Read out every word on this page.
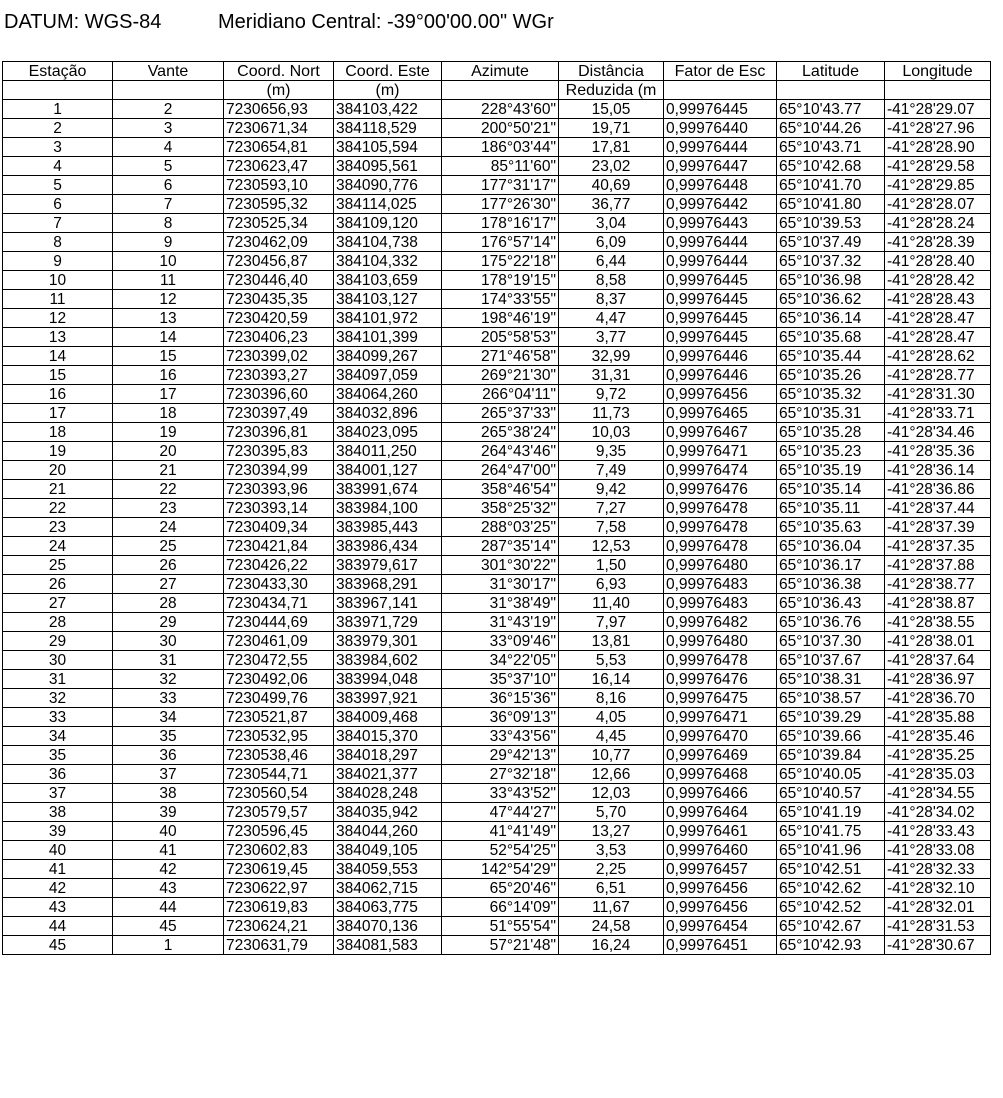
DATUM: WGS-84	Meridiano Central: -39°00'00.00" WGr
Estação	Vante	Coord. Nort	Coord. Este	Azimute	Distância	Fator de Esc	Latitude	Longitude
		(m)	(m)		Reduzida (m			
1	2	7230656,93	384103,422	228°43'60"	15,05	0,99976445	65°10'43.77	-41°28'29.07
2	3	7230671,34	384118,529	200°50'21"	19,71	0,99976440	65°10'44.26	-41°28'27.96
3	4	7230654,81	384105,594	186°03'44"	17,81	0,99976444	65°10'43.71	-41°28'28.90
4	5	7230623,47	384095,561	85°11'60"	23,02	0,99976447	65°10'42.68	-41°28'29.58
5	6	7230593,10	384090,776	177°31'17"	40,69	0,99976448	65°10'41.70	-41°28'29.85
6	7	7230595,32	384114,025	177°26'30"	36,77	0,99976442	65°10'41.80	-41°28'28.07
7	8	7230525,34	384109,120	178°16'17"	3,04	0,99976443	65°10'39.53	-41°28'28.24
8	9	7230462,09	384104,738	176°57'14"	6,09	0,99976444	65°10'37.49	-41°28'28.39
9	10	7230456,87	384104,332	175°22'18"	6,44	0,99976444	65°10'37.32	-41°28'28.40
10	11	7230446,40	384103,659	178°19'15"	8,58	0,99976445	65°10'36.98	-41°28'28.42
11	12	7230435,35	384103,127	174°33'55"	8,37	0,99976445	65°10'36.62	-41°28'28.43
12	13	7230420,59	384101,972	198°46'19"	4,47	0,99976445	65°10'36.14	-41°28'28.47
13	14	7230406,23	384101,399	205°58'53"	3,77	0,99976445	65°10'35.68	-41°28'28.47
14	15	7230399,02	384099,267	271°46'58"	32,99	0,99976446	65°10'35.44	-41°28'28.62
15	16	7230393,27	384097,059	269°21'30"	31,31	0,99976446	65°10'35.26	-41°28'28.77
16	17	7230396,60	384064,260	266°04'11"	9,72	0,99976456	65°10'35.32	-41°28'31.30
17	18	7230397,49	384032,896	265°37'33"	11,73	0,99976465	65°10'35.31	-41°28'33.71
18	19	7230396,81	384023,095	265°38'24"	10,03	0,99976467	65°10'35.28	-41°28'34.46
19	20	7230395,83	384011,250	264°43'46"	9,35	0,99976471	65°10'35.23	-41°28'35.36
20	21	7230394,99	384001,127	264°47'00"	7,49	0,99976474	65°10'35.19	-41°28'36.14
21	22	7230393,96	383991,674	358°46'54"	9,42	0,99976476	65°10'35.14	-41°28'36.86
22	23	7230393,14	383984,100	358°25'32"	7,27	0,99976478	65°10'35.11	-41°28'37.44
23	24	7230409,34	383985,443	288°03'25"	7,58	0,99976478	65°10'35.63	-41°28'37.39
24	25	7230421,84	383986,434	287°35'14"	12,53	0,99976478	65°10'36.04	-41°28'37.35
25	26	7230426,22	383979,617	301°30'22"	1,50	0,99976480	65°10'36.17	-41°28'37.88
26	27	7230433,30	383968,291	31°30'17"	6,93	0,99976483	65°10'36.38	-41°28'38.77
27	28	7230434,71	383967,141	31°38'49"	11,40	0,99976483	65°10'36.43	-41°28'38.87
28	29	7230444,69	383971,729	31°43'19"	7,97	0,99976482	65°10'36.76	-41°28'38.55
29	30	7230461,09	383979,301	33°09'46"	13,81	0,99976480	65°10'37.30	-41°28'38.01
30	31	7230472,55	383984,602	34°22'05"	5,53	0,99976478	65°10'37.67	-41°28'37.64
31	32	7230492,06	383994,048	35°37'10"	16,14	0,99976476	65°10'38.31	-41°28'36.97
32	33	7230499,76	383997,921	36°15'36"	8,16	0,99976475	65°10'38.57	-41°28'36.70
33	34	7230521,87	384009,468	36°09'13"	4,05	0,99976471	65°10'39.29	-41°28'35.88
34	35	7230532,95	384015,370	33°43'56"	4,45	0,99976470	65°10'39.66	-41°28'35.46
35	36	7230538,46	384018,297	29°42'13"	10,77	0,99976469	65°10'39.84	-41°28'35.25
36	37	7230544,71	384021,377	27°32'18"	12,66	0,99976468	65°10'40.05	-41°28'35.03
37	38	7230560,54	384028,248	33°43'52"	12,03	0,99976466	65°10'40.57	-41°28'34.55
38	39	7230579,57	384035,942	47°44'27"	5,70	0,99976464	65°10'41.19	-41°28'34.02
39	40	7230596,45	384044,260	41°41'49"	13,27	0,99976461	65°10'41.75	-41°28'33.43
40	41	7230602,83	384049,105	52°54'25"	3,53	0,99976460	65°10'41.96	-41°28'33.08
41	42	7230619,45	384059,553	142°54'29"	2,25	0,99976457	65°10'42.51	-41°28'32.33
42	43	7230622,97	384062,715	65°20'46"	6,51	0,99976456	65°10'42.62	-41°28'32.10
43	44	7230619,83	384063,775	66°14'09"	11,67	0,99976456	65°10'42.52	-41°28'32.01
44	45	7230624,21	384070,136	51°55'54"	24,58	0,99976454	65°10'42.67	-41°28'31.53
45	1	7230631,79	384081,583	57°21'48"	16,24	0,99976451	65°10'42.93	-41°28'30.67
